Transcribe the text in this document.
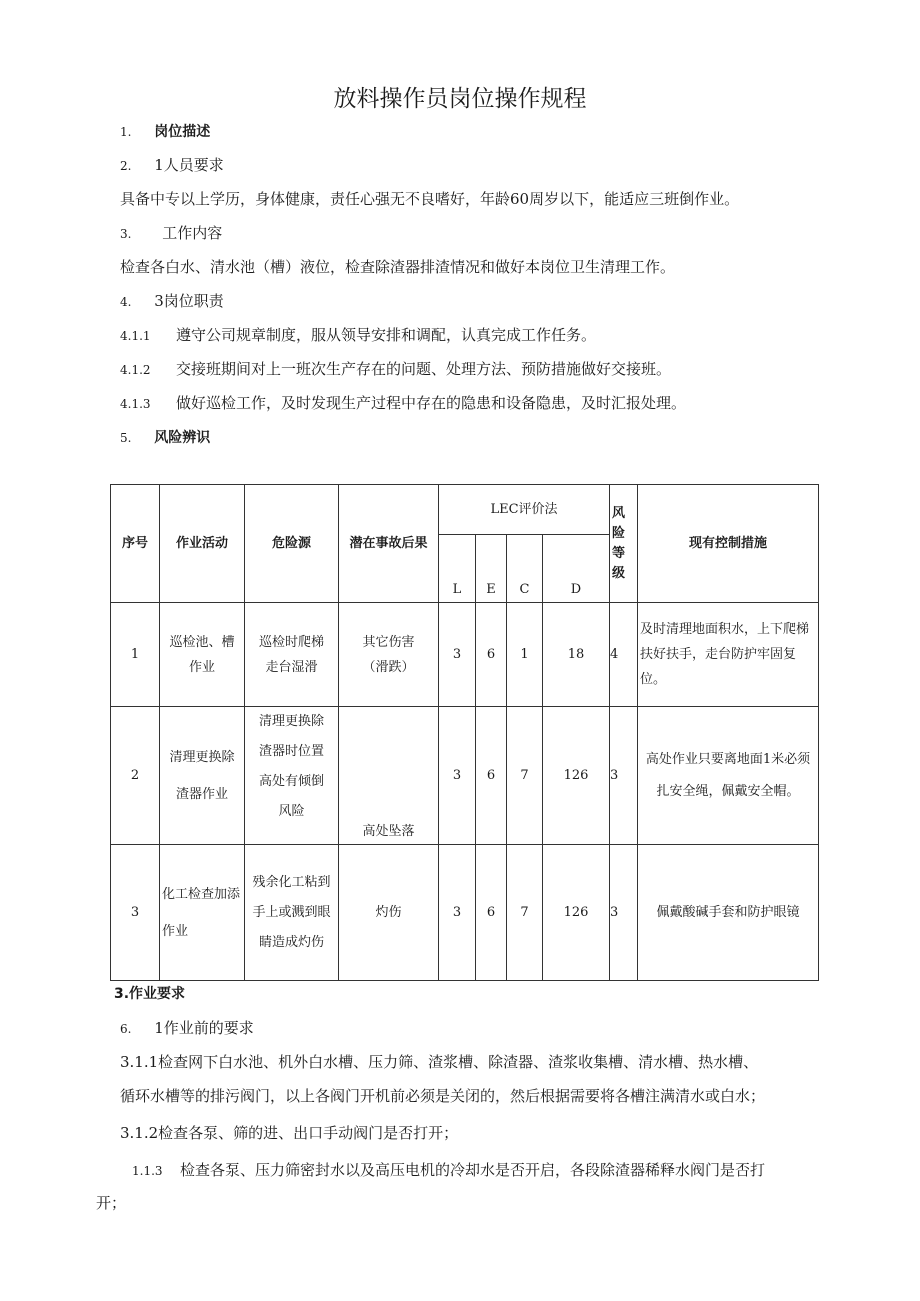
放料操作员岗位操作规程
1. 岗位描述
2. 1人员要求
具备中专以上学历，身体健康，责任心强无不良嗜好，年龄60周岁以下，能适应三班倒作业。
3. 工作内容
检查各白水、清水池（槽）液位，检查除渣器排渣情况和做好本岗位卫生清理工作。
4. 3岗位职责
4.1.1 遵守公司规章制度，服从领导安排和调配，认真完成工作任务。
4.1.2 交接班期间对上一班次生产存在的问题、处理方法、预防措施做好交接班。
4.1.3 做好巡检工作，及时发现生产过程中存在的隐患和设备隐患，及时汇报处理。
5. 风险辨识
序号	作业活动	危险源	潜在事故后果	LEC评价法				风险等级	现有控制措施
				L	E	C	D		
1	巡检池、槽作业	巡检时爬梯走台湿滑	其它伤害（滑跌）	3	6	1	18	4	及时清理地面积水，上下爬梯扶好扶手，走台防护牢固复位。
2	清理更换除渣器作业	清理更换除渣器时位置高处有倾倒风险	高处坠落	3	6	7	126	3	高处作业只要离地面1米必须扎安全绳，佩戴安全帽。
3	化工检查加添作业	残余化工粘到手上或溅到眼睛造成灼伤	灼伤	3	6	7	126	3	佩戴酸碱手套和防护眼镜
3.作业要求
6. 1作业前的要求
3.1.1检查网下白水池、机外白水槽、压力筛、渣浆槽、除渣器、渣浆收集槽、清水槽、热水槽、
循环水槽等的排污阀门，以上各阀门开机前必须是关闭的，然后根据需要将各槽注满清水或白水；
3.1.2检查各泵、筛的进、出口手动阀门是否打开；
1.1.3 检查各泵、压力筛密封水以及高压电机的冷却水是否开启，各段除渣器稀释水阀门是否打
开；
